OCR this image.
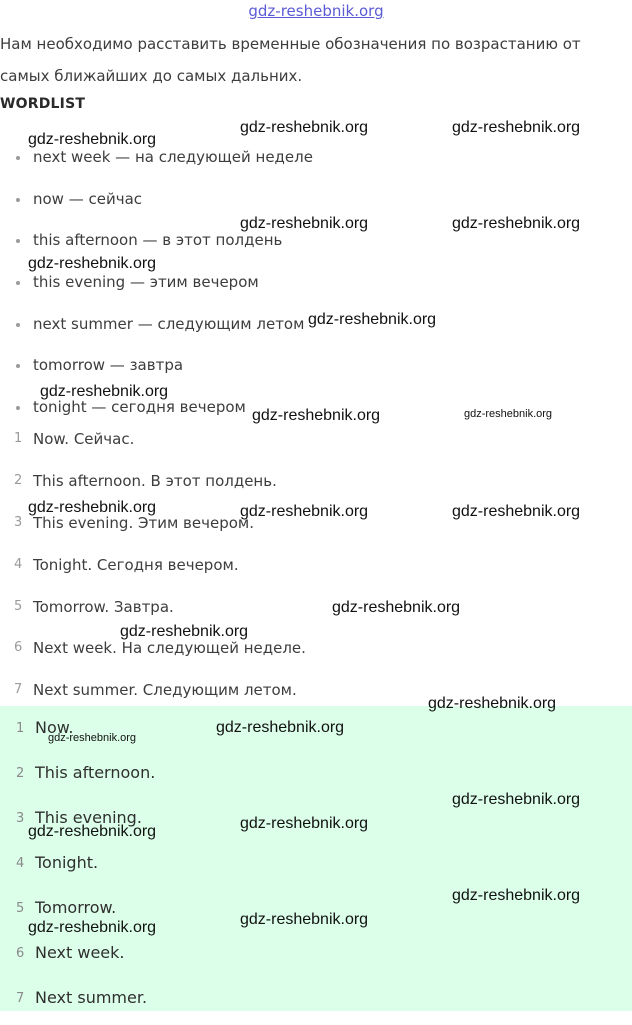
gdz-reshebnik.org
Нам необходимо расставить временные обозначения по возрастанию от самых ближайших до самых дальних.
WORDLIST
next week — на следующей неделе
now — сейчас
this afternoon — в этот полдень
this evening — этим вечером
next summer — следующим летом
tomorrow — завтра
tonight — сегодня вечером
1 Now. Сейчас.
2 This afternoon. В этот полдень.
3 This evening. Этим вечером.
4 Tonight. Сегодня вечером.
5 Tomorrow. Завтра.
6 Next week. На следующей неделе.
7 Next summer. Следующим летом.
1 Now.
2 This afternoon.
3 This evening.
4 Tonight.
5 Tomorrow.
6 Next week.
7 Next summer.
gdz-reshebnik.org
gdz-reshebnik.org	gdz-reshebnik.org
gdz-reshebnik.org	gdz-reshebnik.org
gdz-reshebnik.org
gdz-reshebnik.org
gdz-reshebnik.org
gdz-reshebnik.org	gdz-reshebnik.org
gdz-reshebnik.org	gdz-reshebnik.org	gdz-reshebnik.org
gdz-reshebnik.org
gdz-reshebnik.org
gdz-reshebnik.org
gdz-reshebnik.org
gdz-reshebnik.org
gdz-reshebnik.org
gdz-reshebnik.org
gdz-reshebnik.org
gdz-reshebnik.org
gdz-reshebnik.org
gdz-reshebnik.org
